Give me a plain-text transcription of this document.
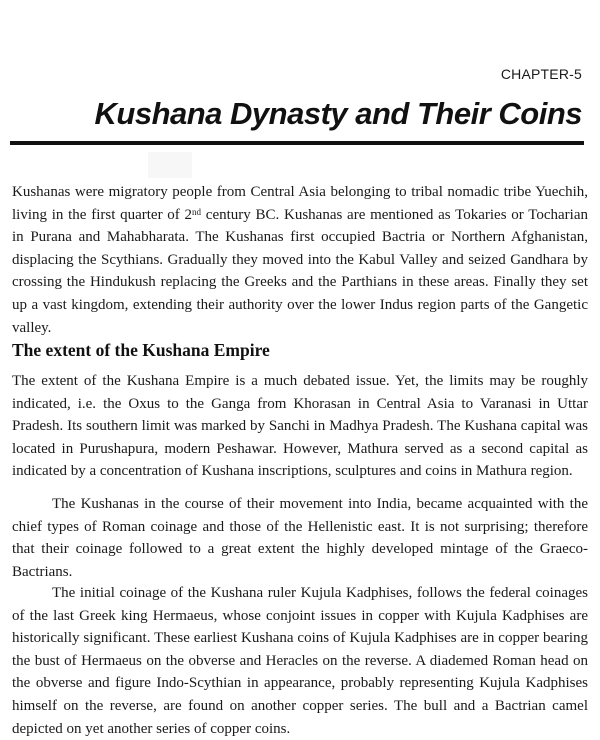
CHAPTER-5
Kushana Dynasty and Their Coins

Kushanas were migratory people from Central Asia belonging to tribal nomadic tribe Yuechih, living in the first quarter of 2nd century BC. Kushanas are mentioned as Tokaries or Tocharian in Purana and Mahabharata. The Kushanas first occupied Bactria or Northern Afghanistan, displacing the Scythians. Gradually they moved into the Kabul Valley and seized Gandhara by crossing the Hindukush replacing the Greeks and the Parthians in these areas. Finally they set up a vast kingdom, extending their authority over the lower Indus region parts of the Gangetic valley.

The extent of the Kushana Empire

The extent of the Kushana Empire is a much debated issue. Yet, the limits may be roughly indicated, i.e. the Oxus to the Ganga from Khorasan in Central Asia to Varanasi in Uttar Pradesh. Its southern limit was marked by Sanchi in Madhya Pradesh. The Kushana capital was located in Purushapura, modern Peshawar. However, Mathura served as a second capital as indicated by a concentration of Kushana inscriptions, sculptures and coins in Mathura region.

The Kushanas in the course of their movement into India, became acquainted with the chief types of Roman coinage and those of the Hellenistic east. It is not surprising; therefore that their coinage followed to a great extent the highly developed mintage of the Graeco-Bactrians.

The initial coinage of the Kushana ruler Kujula Kadphises, follows the federal coinages of the last Greek king Hermaeus, whose conjoint issues in copper with Kujula Kadphises are historically significant. These earliest Kushana coins of Kujula Kadphises are in copper bearing the bust of Hermaeus on the obverse and Heracles on the reverse. A diademed Roman head on the obverse and figure Indo-Scythian in appearance, probably representing Kujula Kadphises himself on the reverse, are found on another copper series. The bull and a Bactrian camel depicted on yet another series of copper coins.
